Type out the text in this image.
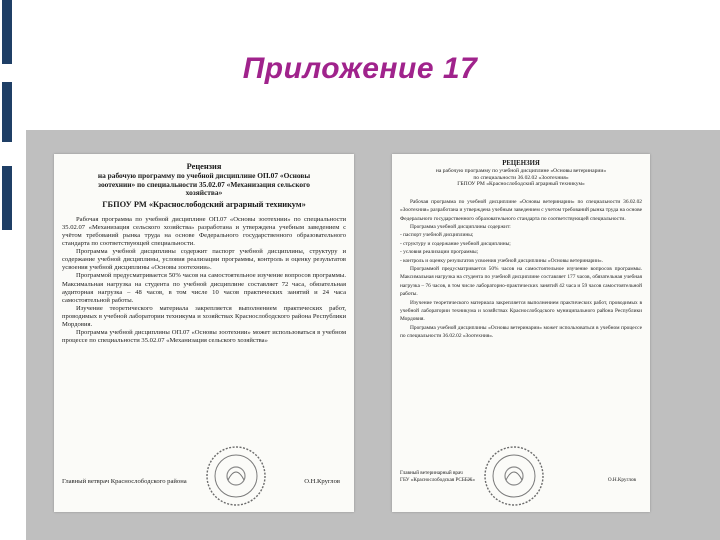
Приложение 17

Рецензия

на рабочую программу по учебной дисциплине ОП.07 «Основы

зоотехнии» по специальности 35.02.07 «Механизация сельского

хозяйства»

ГБПОУ РМ «Краснослободский аграрный техникум»

Рабочая программа по учебной дисциплине ОП.07 «Основы зоотехнии» по специальности 35.02.07 «Механизация сельского хозяйства» разработана и утверждена учебным заведением с учётом требований рынка труда на основе Федерального государственного образовательного стандарта по соответствующей специальности.

Программа учебной дисциплины содержит паспорт учебной дисциплины, структуру и содержание учебной дисциплины, условия реализации программы, контроль и оценку результатов усвоения учебной дисциплины «Основы зоотехнии».

Программой предусматривается 50% часов на самостоятельное изучение вопросов программы. Максимальная нагрузка на студента по учебной дисциплине составляет 72 часа, обязательная аудиторная нагрузка – 48 часов, в том числе 10 часов практических занятий и 24 часа самостоятельной работы.

Изучение теоретического материала закрепляется выполнением практических работ, проводимых в учебной лаборатории техникума и хозяйствах Краснослободского района Республики Мордовия.

Программа учебной дисциплины ОП.07 «Основы зоотехнии» может использоваться в учебном процессе по специальности 35.02.07 «Механизация сельского хозяйства»

Главный ветврач Краснослободского района	О.Н.Круглов

РЕЦЕНЗИЯ

на рабочую программу по учебной дисциплине «Основы ветеринарии»

по специальности 36.02.02 «Зоотехния»

ГБПОУ РМ «Краснослободский аграрный техникум»

Рабочая программа по учебной дисциплине «Основы ветеринарии» по специальности 36.02.02 «Зоотехния» разработана и утверждена учебным заведением с учетом требований рынка труда на основе Федерального государственного образовательного стандарта по соответствующей специальности.

Программа учебной дисциплины содержит:

- паспорт учебной дисциплины;

- структуру и содержание учебной дисциплины;

- условия реализации программы;

- контроль и оценку результатов усвоения учебной дисциплины «Основы ветеринарии».

Программой предусматривается 50% часов на самостоятельное изучение вопросов программы. Максимальная нагрузка на студента по учебной дисциплине составляет 177 часов, обязательная учебная нагрузка – 76 часов, в том числе лабораторно-практических занятий 42 часа и 59 часов самостоятельной работы.

Изучение теоретического материала закрепляется выполнением практических работ, проводимых в учебной лаборатории техникума и хозяйствах Краснослободского муниципального района Республики Мордовия.

Программа учебной дисциплины «Основы ветеринарии» может использоваться в учебном процессе по специальности 36.02.02 «Зоотехния».

Главный ветеринарный врач
ГБУ «Краснослободская РСББЖ»	О.Н.Круглов
